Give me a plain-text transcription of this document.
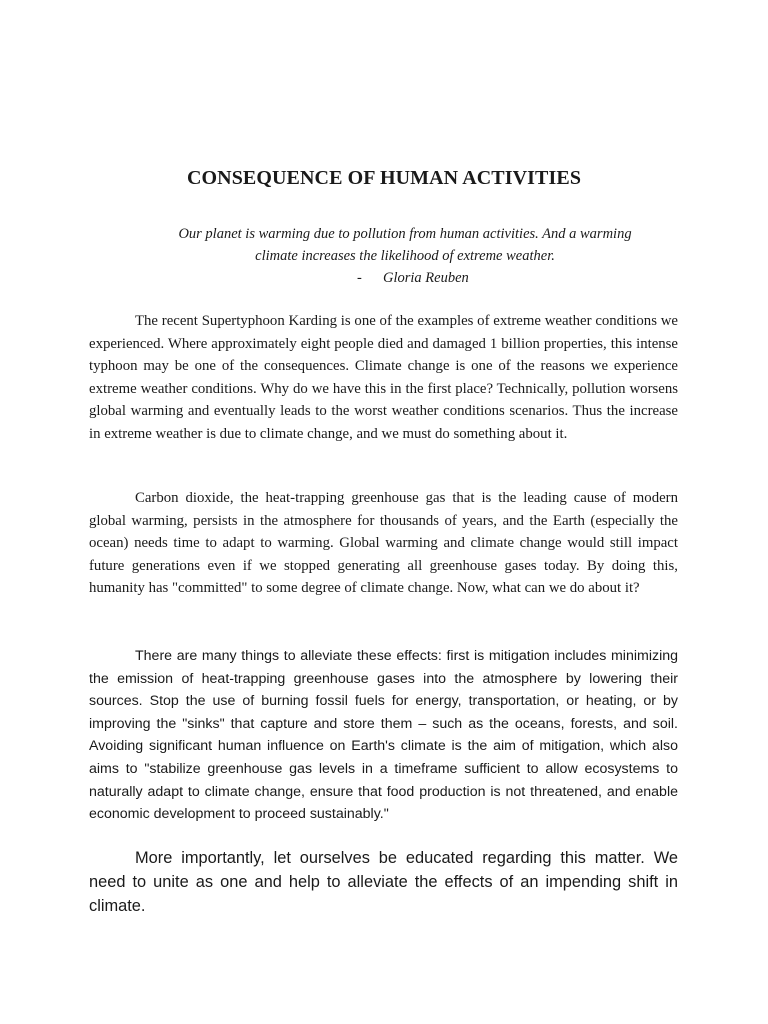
CONSEQUENCE OF HUMAN ACTIVITIES
Our planet is warming due to pollution from human activities. And a warming
climate increases the likelihood of extreme weather.
- Gloria Reuben

The recent Supertyphoon Karding is one of the examples of extreme weather conditions we experienced. Where approximately eight people died and damaged 1 billion properties, this intense typhoon may be one of the consequences. Climate change is one of the reasons we experience extreme weather conditions. Why do we have this in the first place? Technically, pollution worsens global warming and eventually leads to the worst weather conditions scenarios. Thus the increase in extreme weather is due to climate change, and we must do something about it.

Carbon dioxide, the heat-trapping greenhouse gas that is the leading cause of modern global warming, persists in the atmosphere for thousands of years, and the Earth (especially the ocean) needs time to adapt to warming. Global warming and climate change would still impact future generations even if we stopped generating all greenhouse gases today. By doing this, humanity has "committed" to some degree of climate change. Now, what can we do about it?

There are many things to alleviate these effects: first is mitigation includes minimizing the emission of heat-trapping greenhouse gases into the atmosphere by lowering their sources. Stop the use of burning fossil fuels for energy, transportation, or heating, or by improving the "sinks" that capture and store them – such as the oceans, forests, and soil. Avoiding significant human influence on Earth's climate is the aim of mitigation, which also aims to "stabilize greenhouse gas levels in a timeframe sufficient to allow ecosystems to naturally adapt to climate change, ensure that food production is not threatened, and enable economic development to proceed sustainably."

More importantly, let ourselves be educated regarding this matter. We need to unite as one and help to alleviate the effects of an impending shift in climate.
